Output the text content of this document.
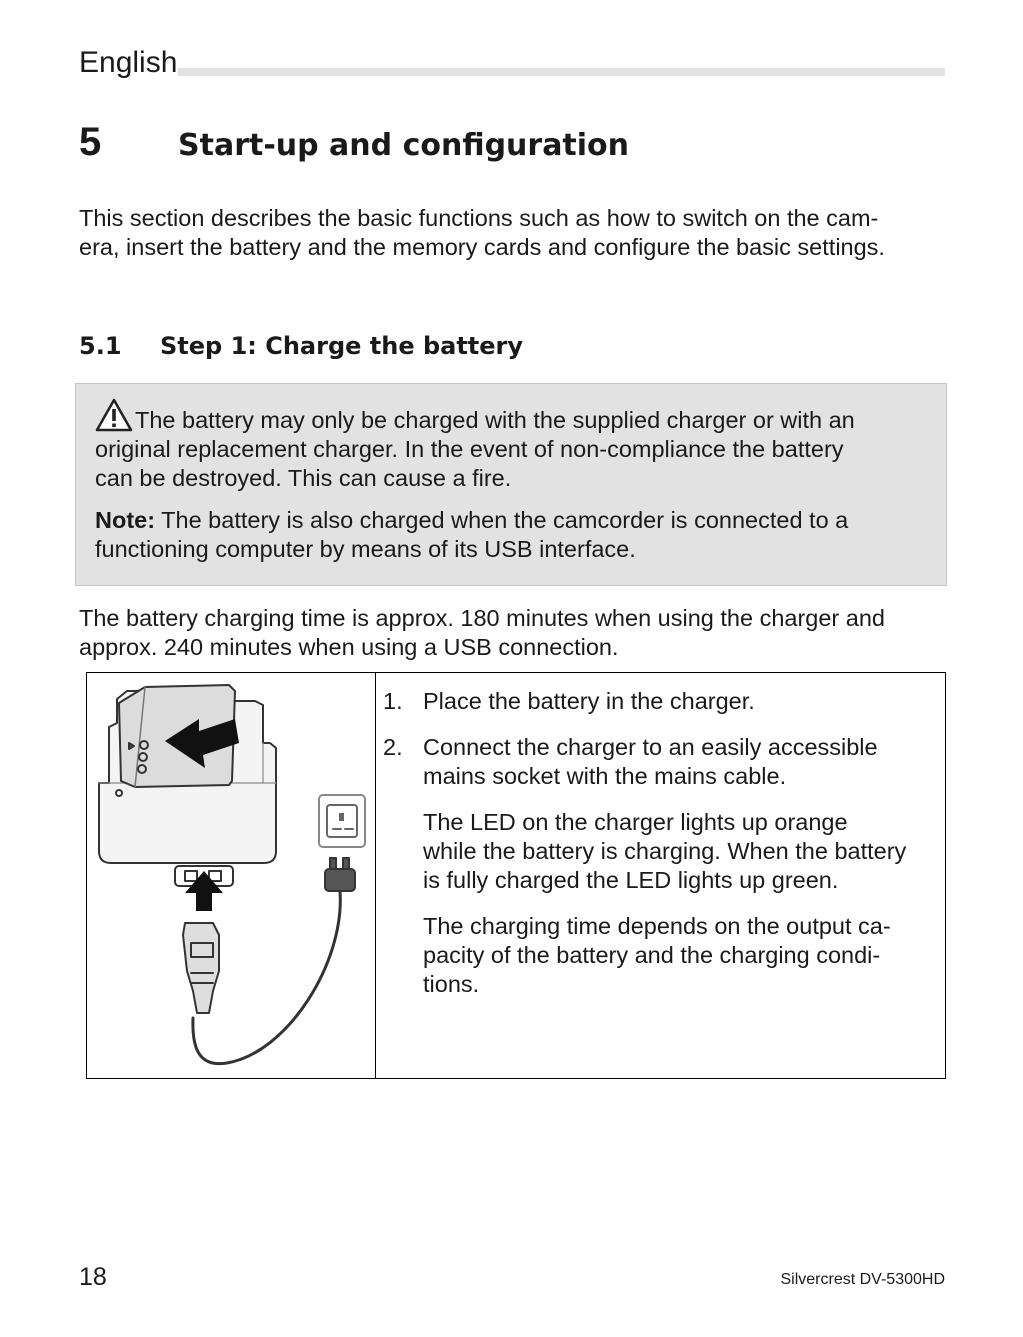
English
5	Start-up and configuration
This section describes the basic functions such as how to switch on the cam-
era, insert the battery and the memory cards and configure the basic settings.
5.1 Step 1: Charge the battery

The battery may only be charged with the supplied charger or with an
original replacement charger. In the event of non-compliance the battery
can be destroyed. This can cause a fire.

Note: The battery is also charged when the camcorder is connected to a
functioning computer by means of its USB interface.

The battery charging time is approx. 180 minutes when using the charger and
approx. 240 minutes when using a USB connection.
1. Place the battery in the charger.
2. Connect the charger to an easily accessible
mains socket with the mains cable.
The LED on the charger lights up orange
while the battery is charging. When the battery
is fully charged the LED lights up green.
The charging time depends on the output ca-
pacity of the battery and the charging condi-
tions.
18	Silvercrest DV-5300HD
